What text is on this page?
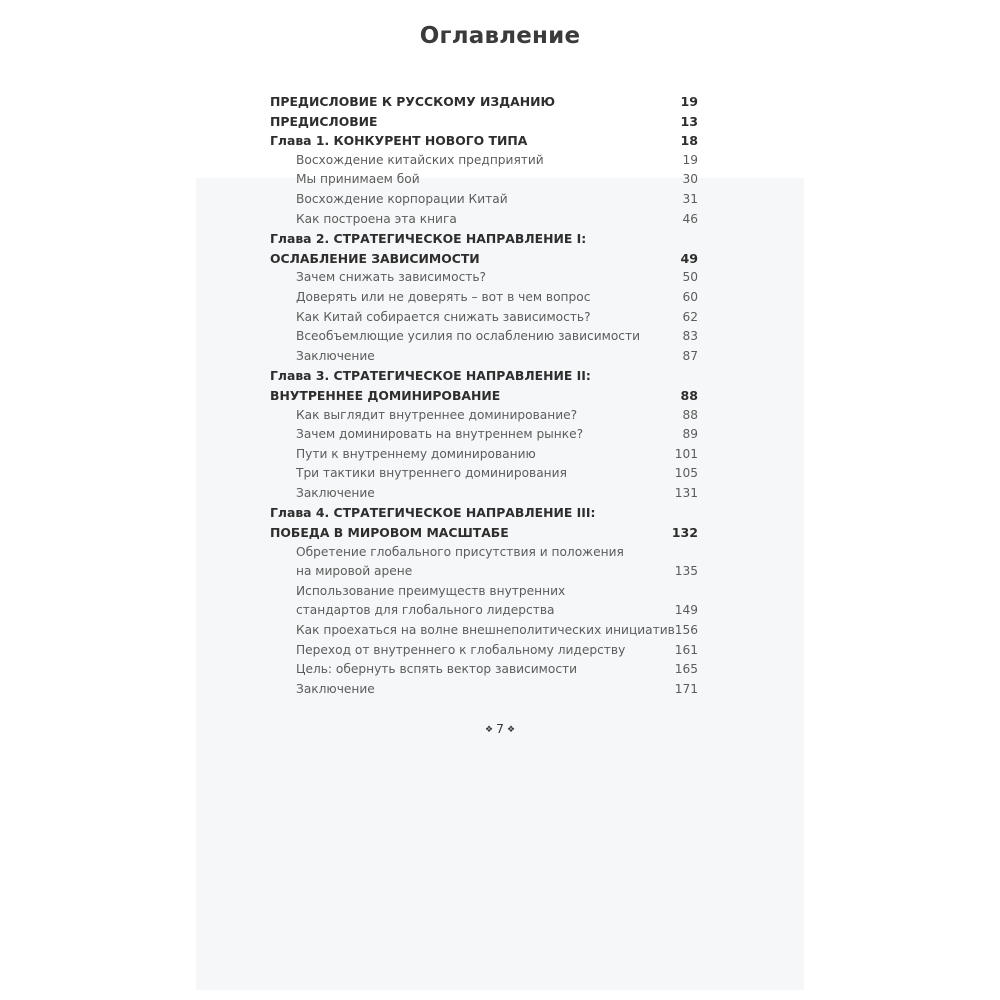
Оглавление
ПРЕДИСЛОВИЕ К РУССКОМУ ИЗДАНИЮ	19
ПРЕДИСЛОВИЕ	13
Глава 1. КОНКУРЕНТ НОВОГО ТИПА	18
Восхождение китайских предприятий	19
Мы принимаем бой	30
Восхождение корпорации Китай	31
Как построена эта книга	46
Глава 2. СТРАТЕГИЧЕСКОЕ НАПРАВЛЕНИЕ I:
ОСЛАБЛЕНИЕ ЗАВИСИМОСТИ	49
Зачем снижать зависимость?	50
Доверять или не доверять – вот в чем вопрос	60
Как Китай собирается снижать зависимость?	62
Всеобъемлющие усилия по ослаблению зависимости	83
Заключение	87
Глава 3. СТРАТЕГИЧЕСКОЕ НАПРАВЛЕНИЕ II:
ВНУТРЕННЕЕ ДОМИНИРОВАНИЕ	88
Как выглядит внутреннее доминирование?	88
Зачем доминировать на внутреннем рынке?	89
Пути к внутреннему доминированию	101
Три тактики внутреннего доминирования	105
Заключение	131
Глава 4. СТРАТЕГИЧЕСКОЕ НАПРАВЛЕНИЕ III:
ПОБЕДА В МИРОВОМ МАСШТАБЕ	132
Обретение глобального присутствия и положения
на мировой арене	135
Использование преимуществ внутренних
стандартов для глобального лидерства	149
Как проехаться на волне внешнеполитических инициатив 156
Переход от внутреннего к глобальному лидерству	161
Цель: обернуть вспять вектор зависимости	165
Заключение	171
❖ 7 ❖
